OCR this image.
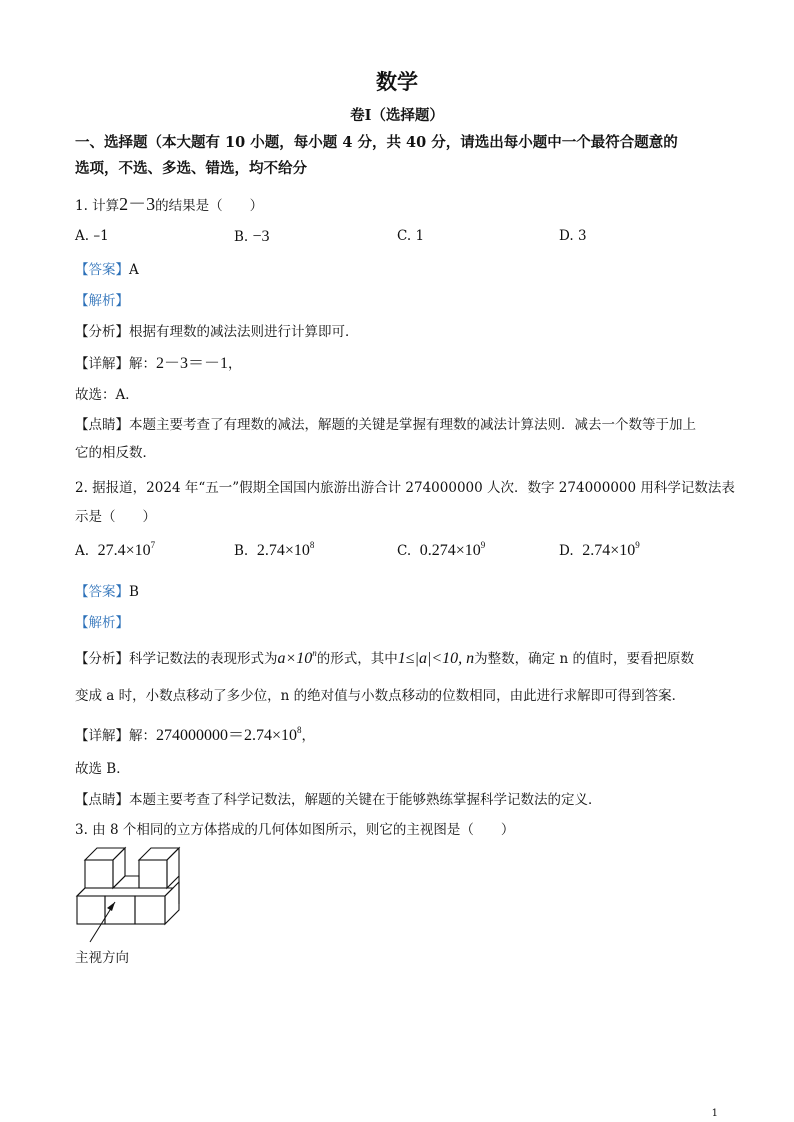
数学
卷Ⅰ（选择题）
一、选择题（本大题有 10 小题，每小题 4 分，共 40 分，请选出每小题中一个最符合题意的
选项，不选、多选、错选，均不给分
1. 计算2－3的结果是（　　）
A. –1	B. −3	C. 1	D. 3
【答案】A
【解析】
【分析】根据有理数的减法法则进行计算即可．
【详解】解：2－3＝－1，
故选：A．
【点睛】本题主要考查了有理数的减法，解题的关键是掌握有理数的减法计算法则．减去一个数等于加上
它的相反数．
2. 据报道，2024 年“五一”假期全国国内旅游出游合计 274000000 人次．数字 274000000 用科学记数法表
示是（　　）
A. $27.4\times 10^7$	B. $2.74\times 10^8$	C. $0.274\times 10^9$	D. $2.74\times 10^9$
【答案】B
【解析】
【分析】科学记数法的表现形式为$a\times 10^n$的形式，其中1≤|a|<10, n为整数，确定 n 的值时，要看把原数
变成 a 时，小数点移动了多少位，n 的绝对值与小数点移动的位数相同，由此进行求解即可得到答案．
【详解】解：$274000000=2.74\times 10^8$，
故选 B．
【点睛】本题主要考查了科学记数法，解题的关键在于能够熟练掌握科学记数法的定义．
3. 由 8 个相同的立方体搭成的几何体如图所示，则它的主视图是（　　）
主视方向
1
